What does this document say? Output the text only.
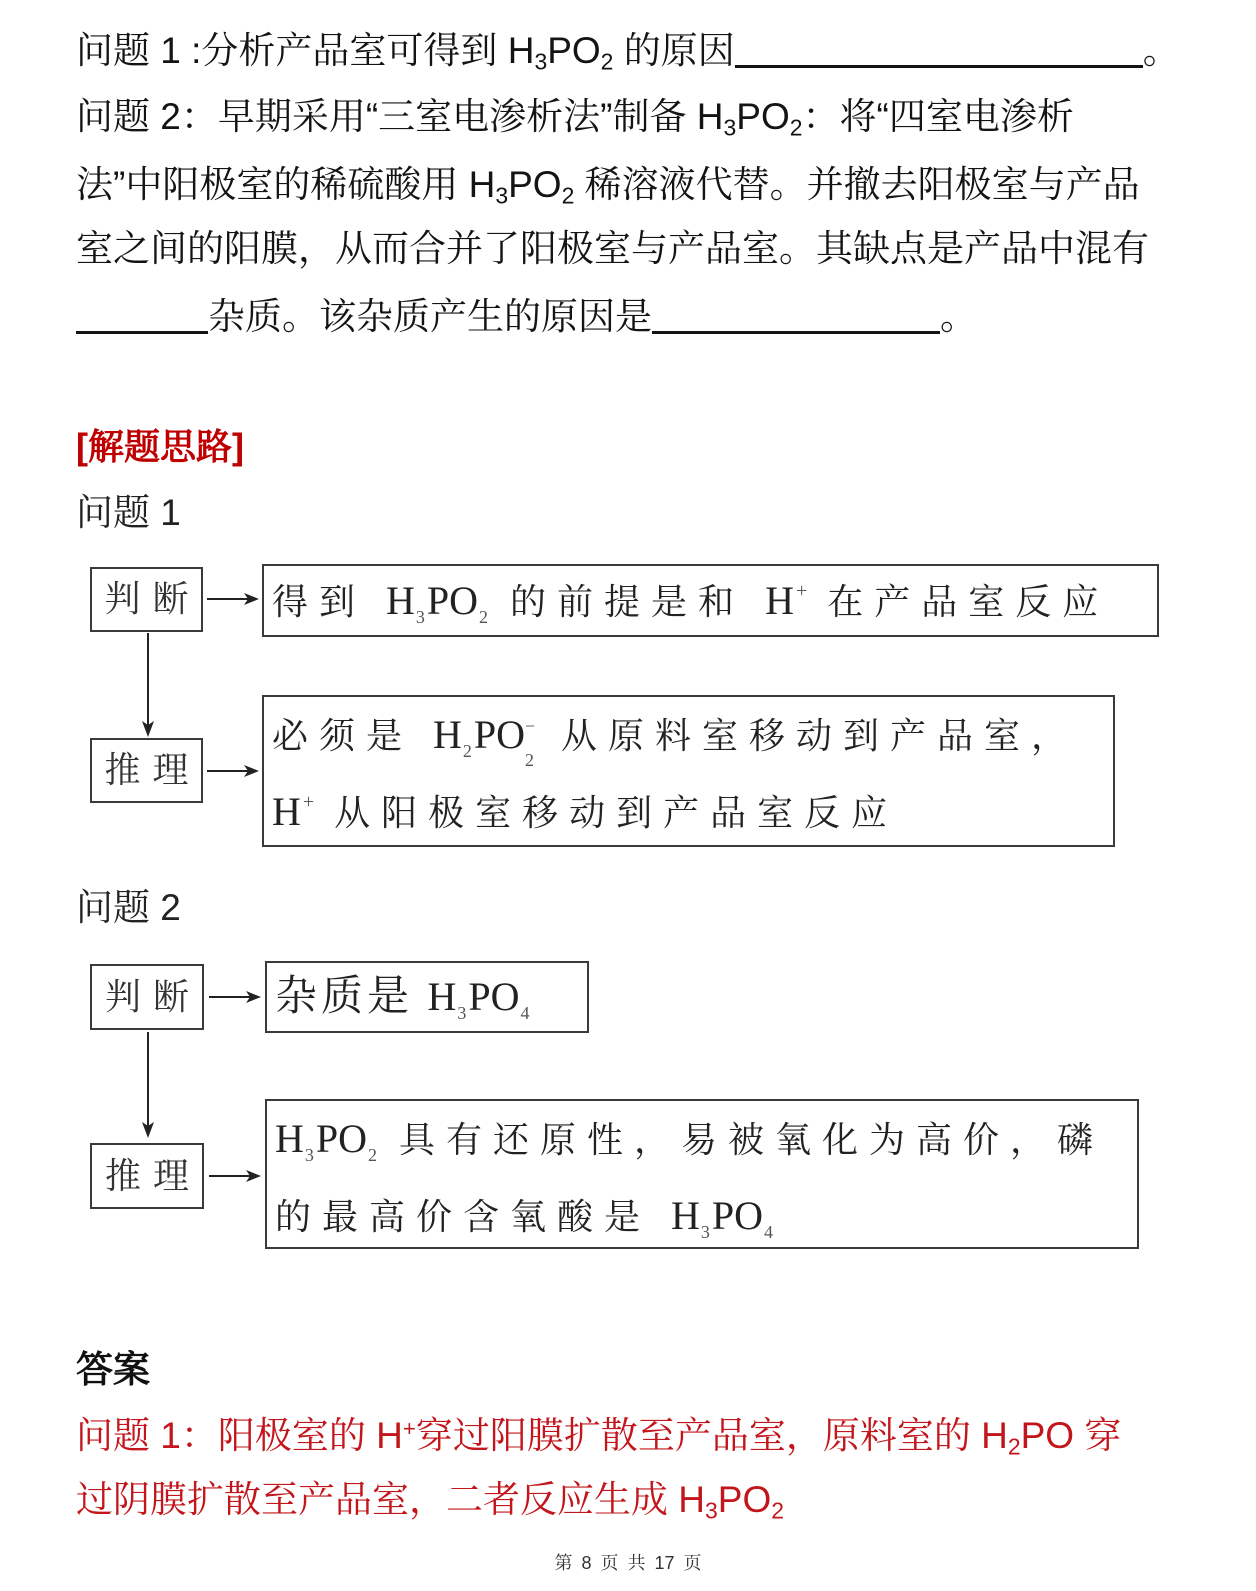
问题 1 :分析产品室可得到 $H_3PO_2$ 的原因	。
问题 2：早期采用“三室电渗析法”制备 $H_3PO_2$：将“四室电渗析
法”中阳极室的稀硫酸用 $H_3PO_2$ 稀溶液代替。并撤去阳极室与产品
室之间的阳膜，从而合并了阳极室与产品室。其缺点是产品中混有
杂质。该杂质产生的原因是	。
[解题思路]
问题 1
判断 得到 $H_3PO_2$ 的前提是和 H + 在产品室反应
推理
必须是 $H_2PO$ −
2
从原料室移动到产品室，
H + 从阳极室移动到产品室反应
问题 2
判断 杂质是 $H_3PO_4$
推理
$H_3PO_2$ 具有还原性，易被氧化为高价，磷
的最高价含氧酸是 $H_3PO_4$
答案
问题 1：阳极室的 H+穿过阳膜扩散至产品室，原料室的 $H_2PO$ 穿
过阴膜扩散至产品室，二者反应生成 $H_3PO_2$
第 8 页 共 17 页
